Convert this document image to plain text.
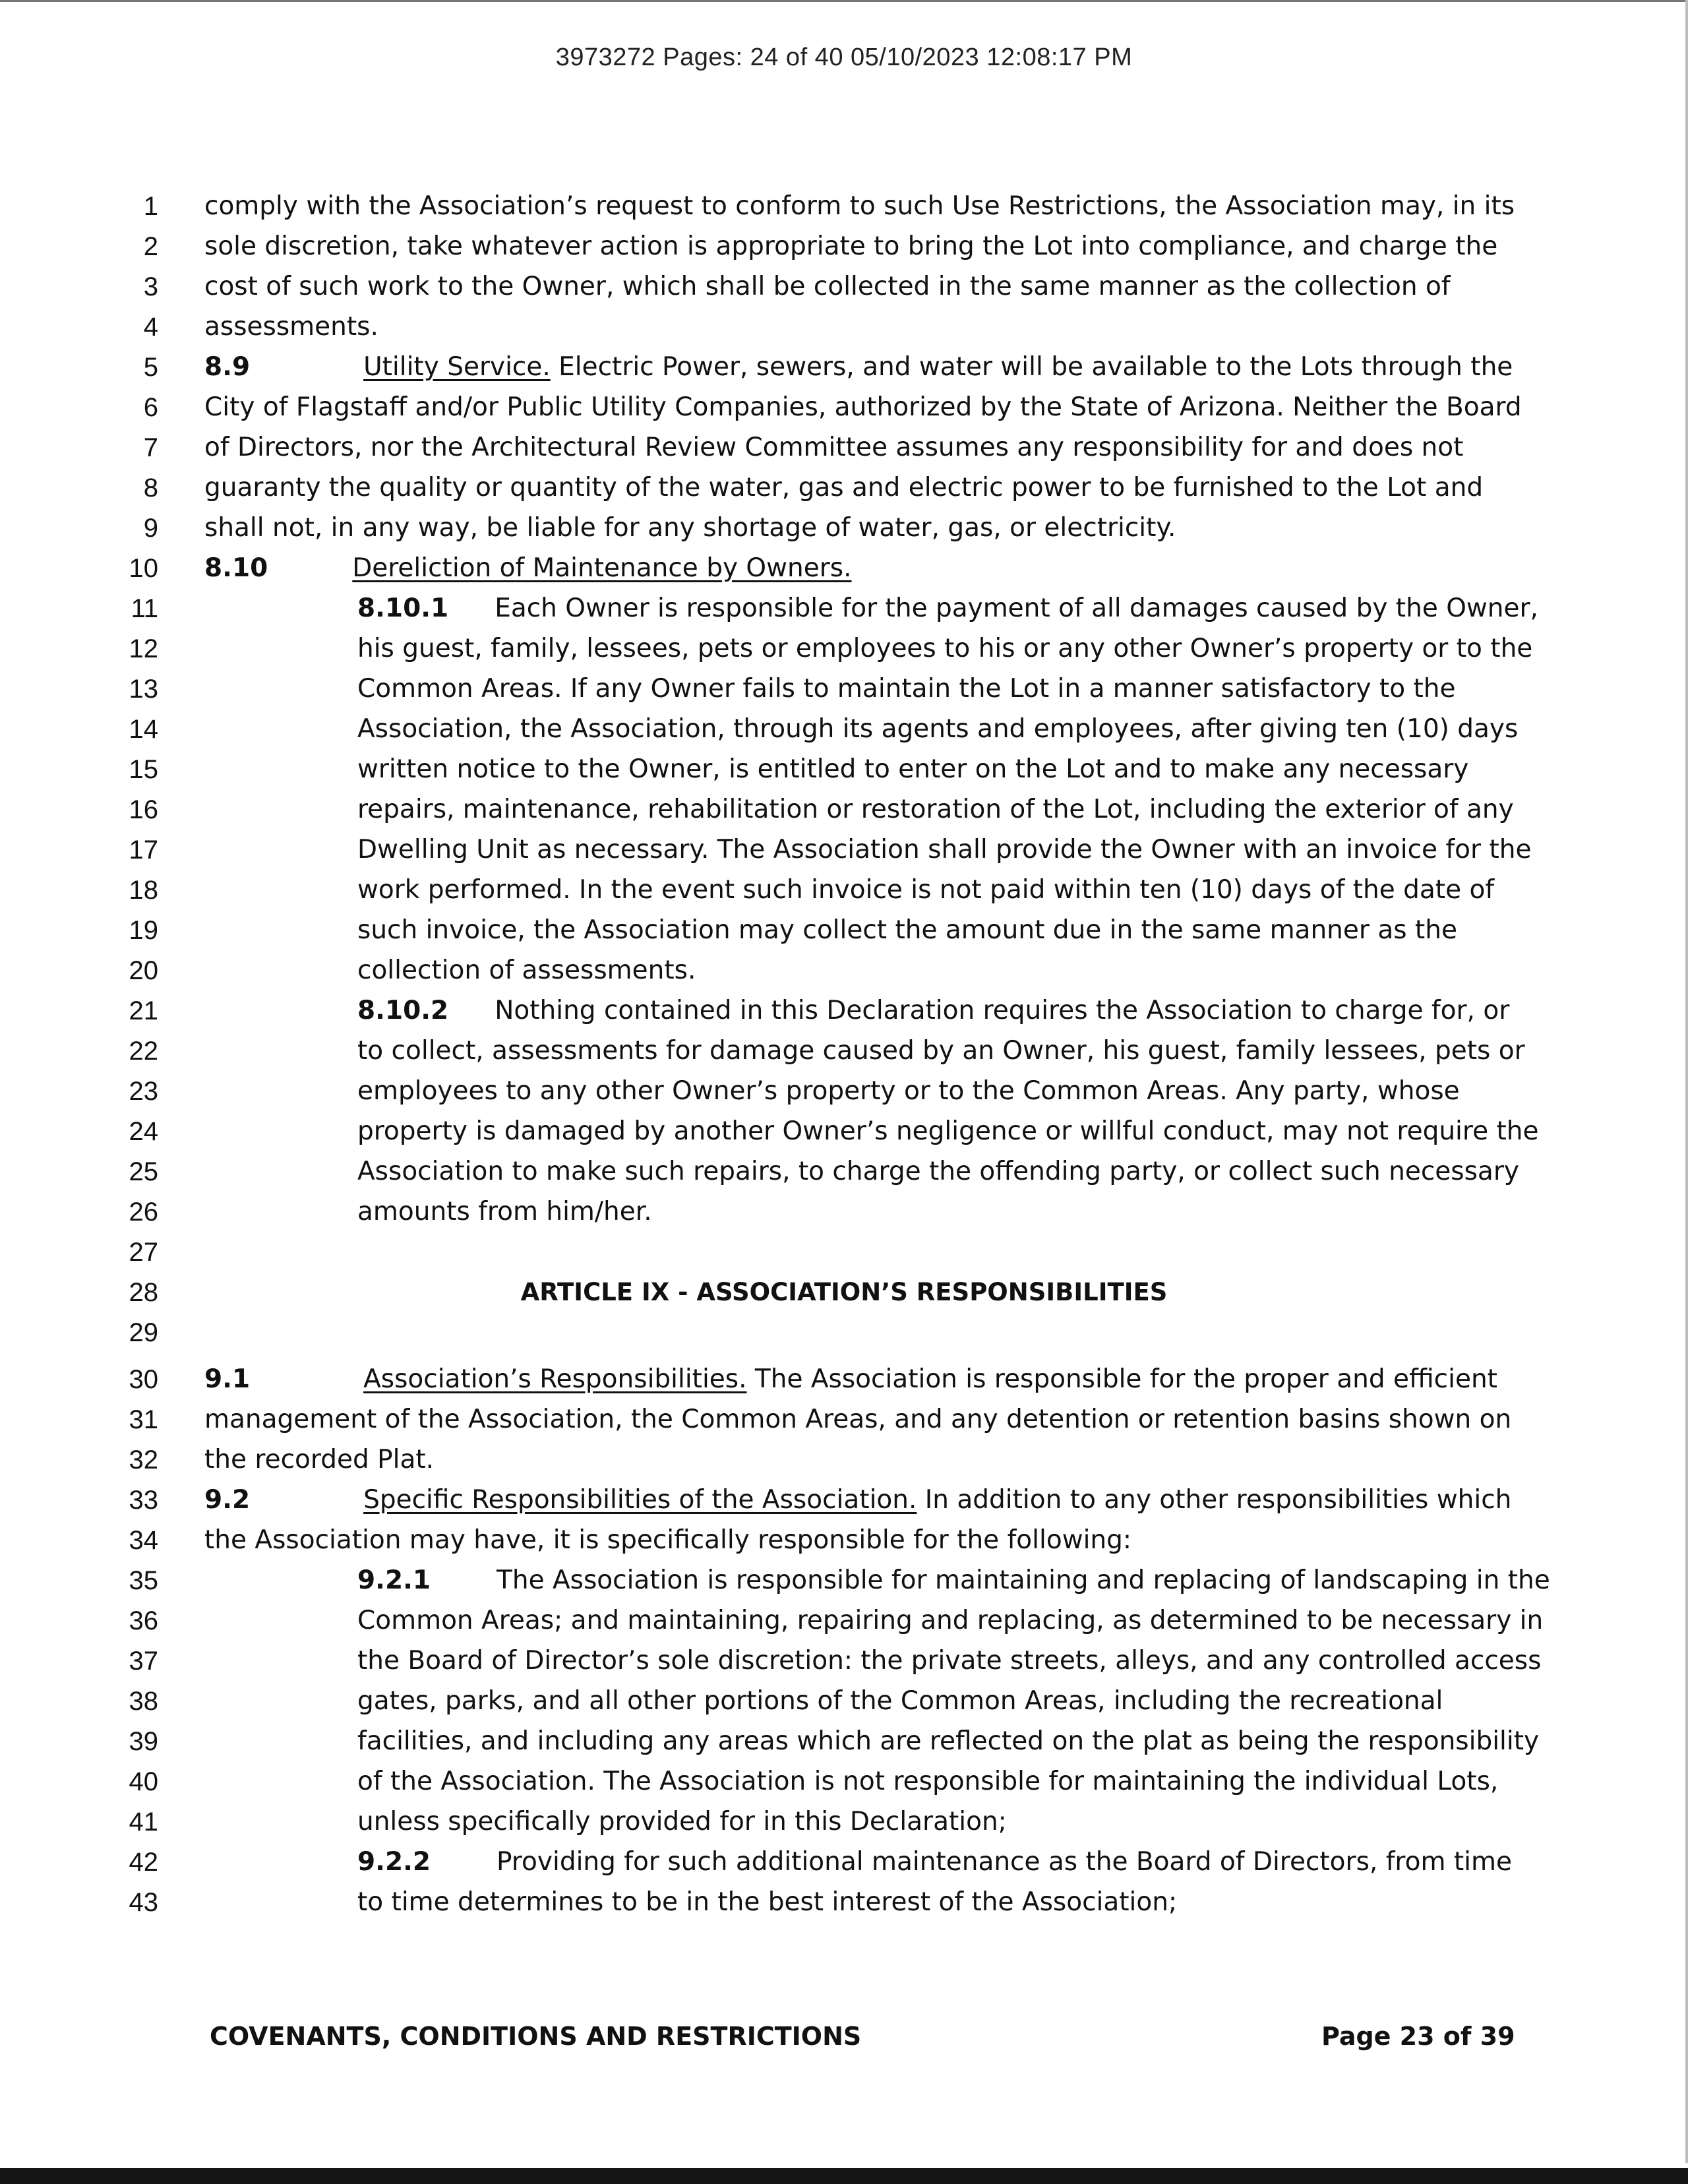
3973272 Pages: 24 of 40 05/10/2023 12:08:17 PM
1 comply with the Association’s request to conform to such Use Restrictions, the Association may, in its
2 sole discretion, take whatever action is appropriate to bring the Lot into compliance, and charge the
3 cost of such work to the Owner, which shall be collected in the same manner as the collection of
4 assessments.
5 8.9	Utility Service. Electric Power, sewers, and water will be available to the Lots through the
6 City of Flagstaff and/or Public Utility Companies, authorized by the State of Arizona. Neither the Board
7 of Directors, nor the Architectural Review Committee assumes any responsibility for and does not
8 guaranty the quality or quantity of the water, gas and electric power to be furnished to the Lot and
9 shall not, in any way, be liable for any shortage of water, gas, or electricity.
10 8.10	Dereliction of Maintenance by Owners.
11	8.10.1 Each Owner is responsible for the payment of all damages caused by the Owner,
12	his guest, family, lessees, pets or employees to his or any other Owner’s property or to the
13	Common Areas. If any Owner fails to maintain the Lot in a manner satisfactory to the
14	Association, the Association, through its agents and employees, after giving ten (10) days
15	written notice to the Owner, is entitled to enter on the Lot and to make any necessary
16	repairs, maintenance, rehabilitation or restoration of the Lot, including the exterior of any
17	Dwelling Unit as necessary. The Association shall provide the Owner with an invoice for the
18	work performed. In the event such invoice is not paid within ten (10) days of the date of
19	such invoice, the Association may collect the amount due in the same manner as the
20	collection of assessments.
21	8.10.2 Nothing contained in this Declaration requires the Association to charge for, or
22	to collect, assessments for damage caused by an Owner, his guest, family lessees, pets or
23	employees to any other Owner’s property or to the Common Areas. Any party, whose
24	property is damaged by another Owner’s negligence or willful conduct, may not require the
25	Association to make such repairs, to charge the offending party, or collect such necessary
26	amounts from him/her.
27
28	ARTICLE IX - ASSOCIATION’S RESPONSIBILITIES
29
30 9.1	Association’s Responsibilities. The Association is responsible for the proper and efficient
31 management of the Association, the Common Areas, and any detention or retention basins shown on
32 the recorded Plat.
33 9.2	Specific Responsibilities of the Association. In addition to any other responsibilities which
34 the Association may have, it is specifically responsible for the following:
35	9.2.1	The Association is responsible for maintaining and replacing of landscaping in the
36	Common Areas; and maintaining, repairing and replacing, as determined to be necessary in
37	the Board of Director’s sole discretion: the private streets, alleys, and any controlled access
38	gates, parks, and all other portions of the Common Areas, including the recreational
39	facilities, and including any areas which are reflected on the plat as being the responsibility
40	of the Association. The Association is not responsible for maintaining the individual Lots,
41	unless specifically provided for in this Declaration;
42	9.2.2	Providing for such additional maintenance as the Board of Directors, from time
43	to time determines to be in the best interest of the Association;
COVENANTS, CONDITIONS AND RESTRICTIONS	Page 23 of 39
